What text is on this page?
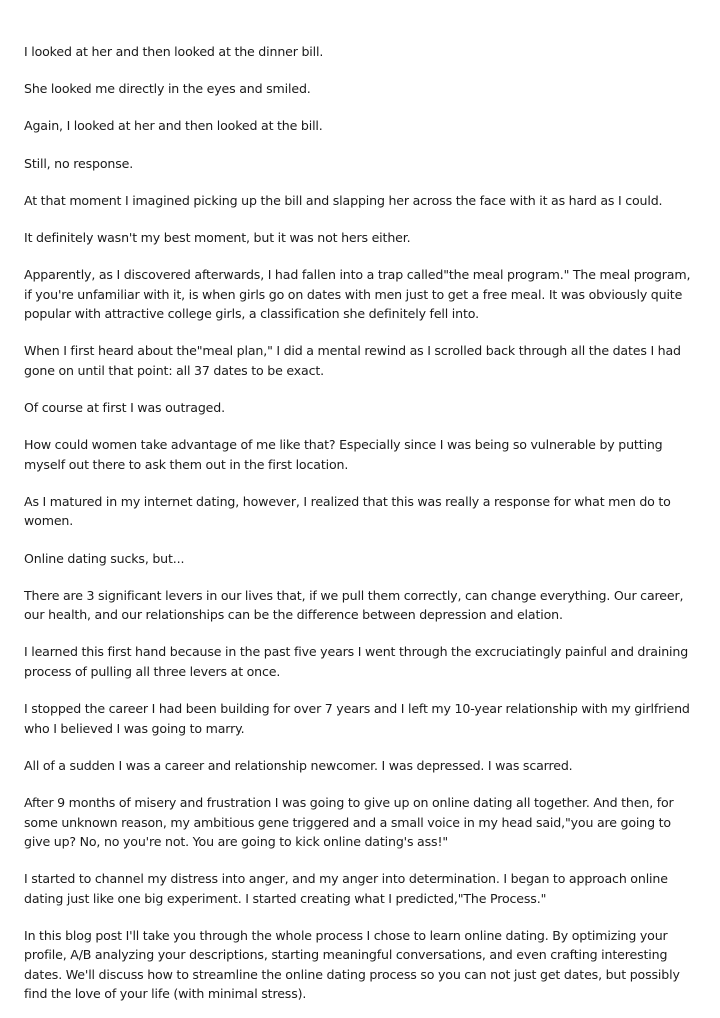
I looked at her and then looked at the dinner bill.

She looked me directly in the eyes and smiled.

Again, I looked at her and then looked at the bill.

Still, no response.

At that moment I imagined picking up the bill and slapping her across the face with it as hard as I could.

It definitely wasn't my best moment, but it was not hers either.

Apparently, as I discovered afterwards, I had fallen into a trap called"the meal program." The meal program, if you're unfamiliar with it, is when girls go on dates with men just to get a free meal. It was obviously quite popular with attractive college girls, a classification she definitely fell into.

When I first heard about the"meal plan," I did a mental rewind as I scrolled back through all the dates I had gone on until that point: all 37 dates to be exact.

Of course at first I was outraged.

How could women take advantage of me like that? Especially since I was being so vulnerable by putting myself out there to ask them out in the first location.

As I matured in my internet dating, however, I realized that this was really a response for what men do to women.

Online dating sucks, but...

There are 3 significant levers in our lives that, if we pull them correctly, can change everything. Our career, our health, and our relationships can be the difference between depression and elation.

I learned this first hand because in the past five years I went through the excruciatingly painful and draining process of pulling all three levers at once.

I stopped the career I had been building for over 7 years and I left my 10-year relationship with my girlfriend who I believed I was going to marry.

All of a sudden I was a career and relationship newcomer. I was depressed. I was scarred.

After 9 months of misery and frustration I was going to give up on online dating all together. And then, for some unknown reason, my ambitious gene triggered and a small voice in my head said,"you are going to give up? No, no you're not. You are going to kick online dating's ass!"

I started to channel my distress into anger, and my anger into determination. I began to approach online dating just like one big experiment. I started creating what I predicted,"The Process."

In this blog post I'll take you through the whole process I chose to learn online dating. By optimizing your profile, A/B analyzing your descriptions, starting meaningful conversations, and even crafting interesting dates. We'll discuss how to streamline the online dating process so you can not just get dates, but possibly find the love of your life (with minimal stress).
